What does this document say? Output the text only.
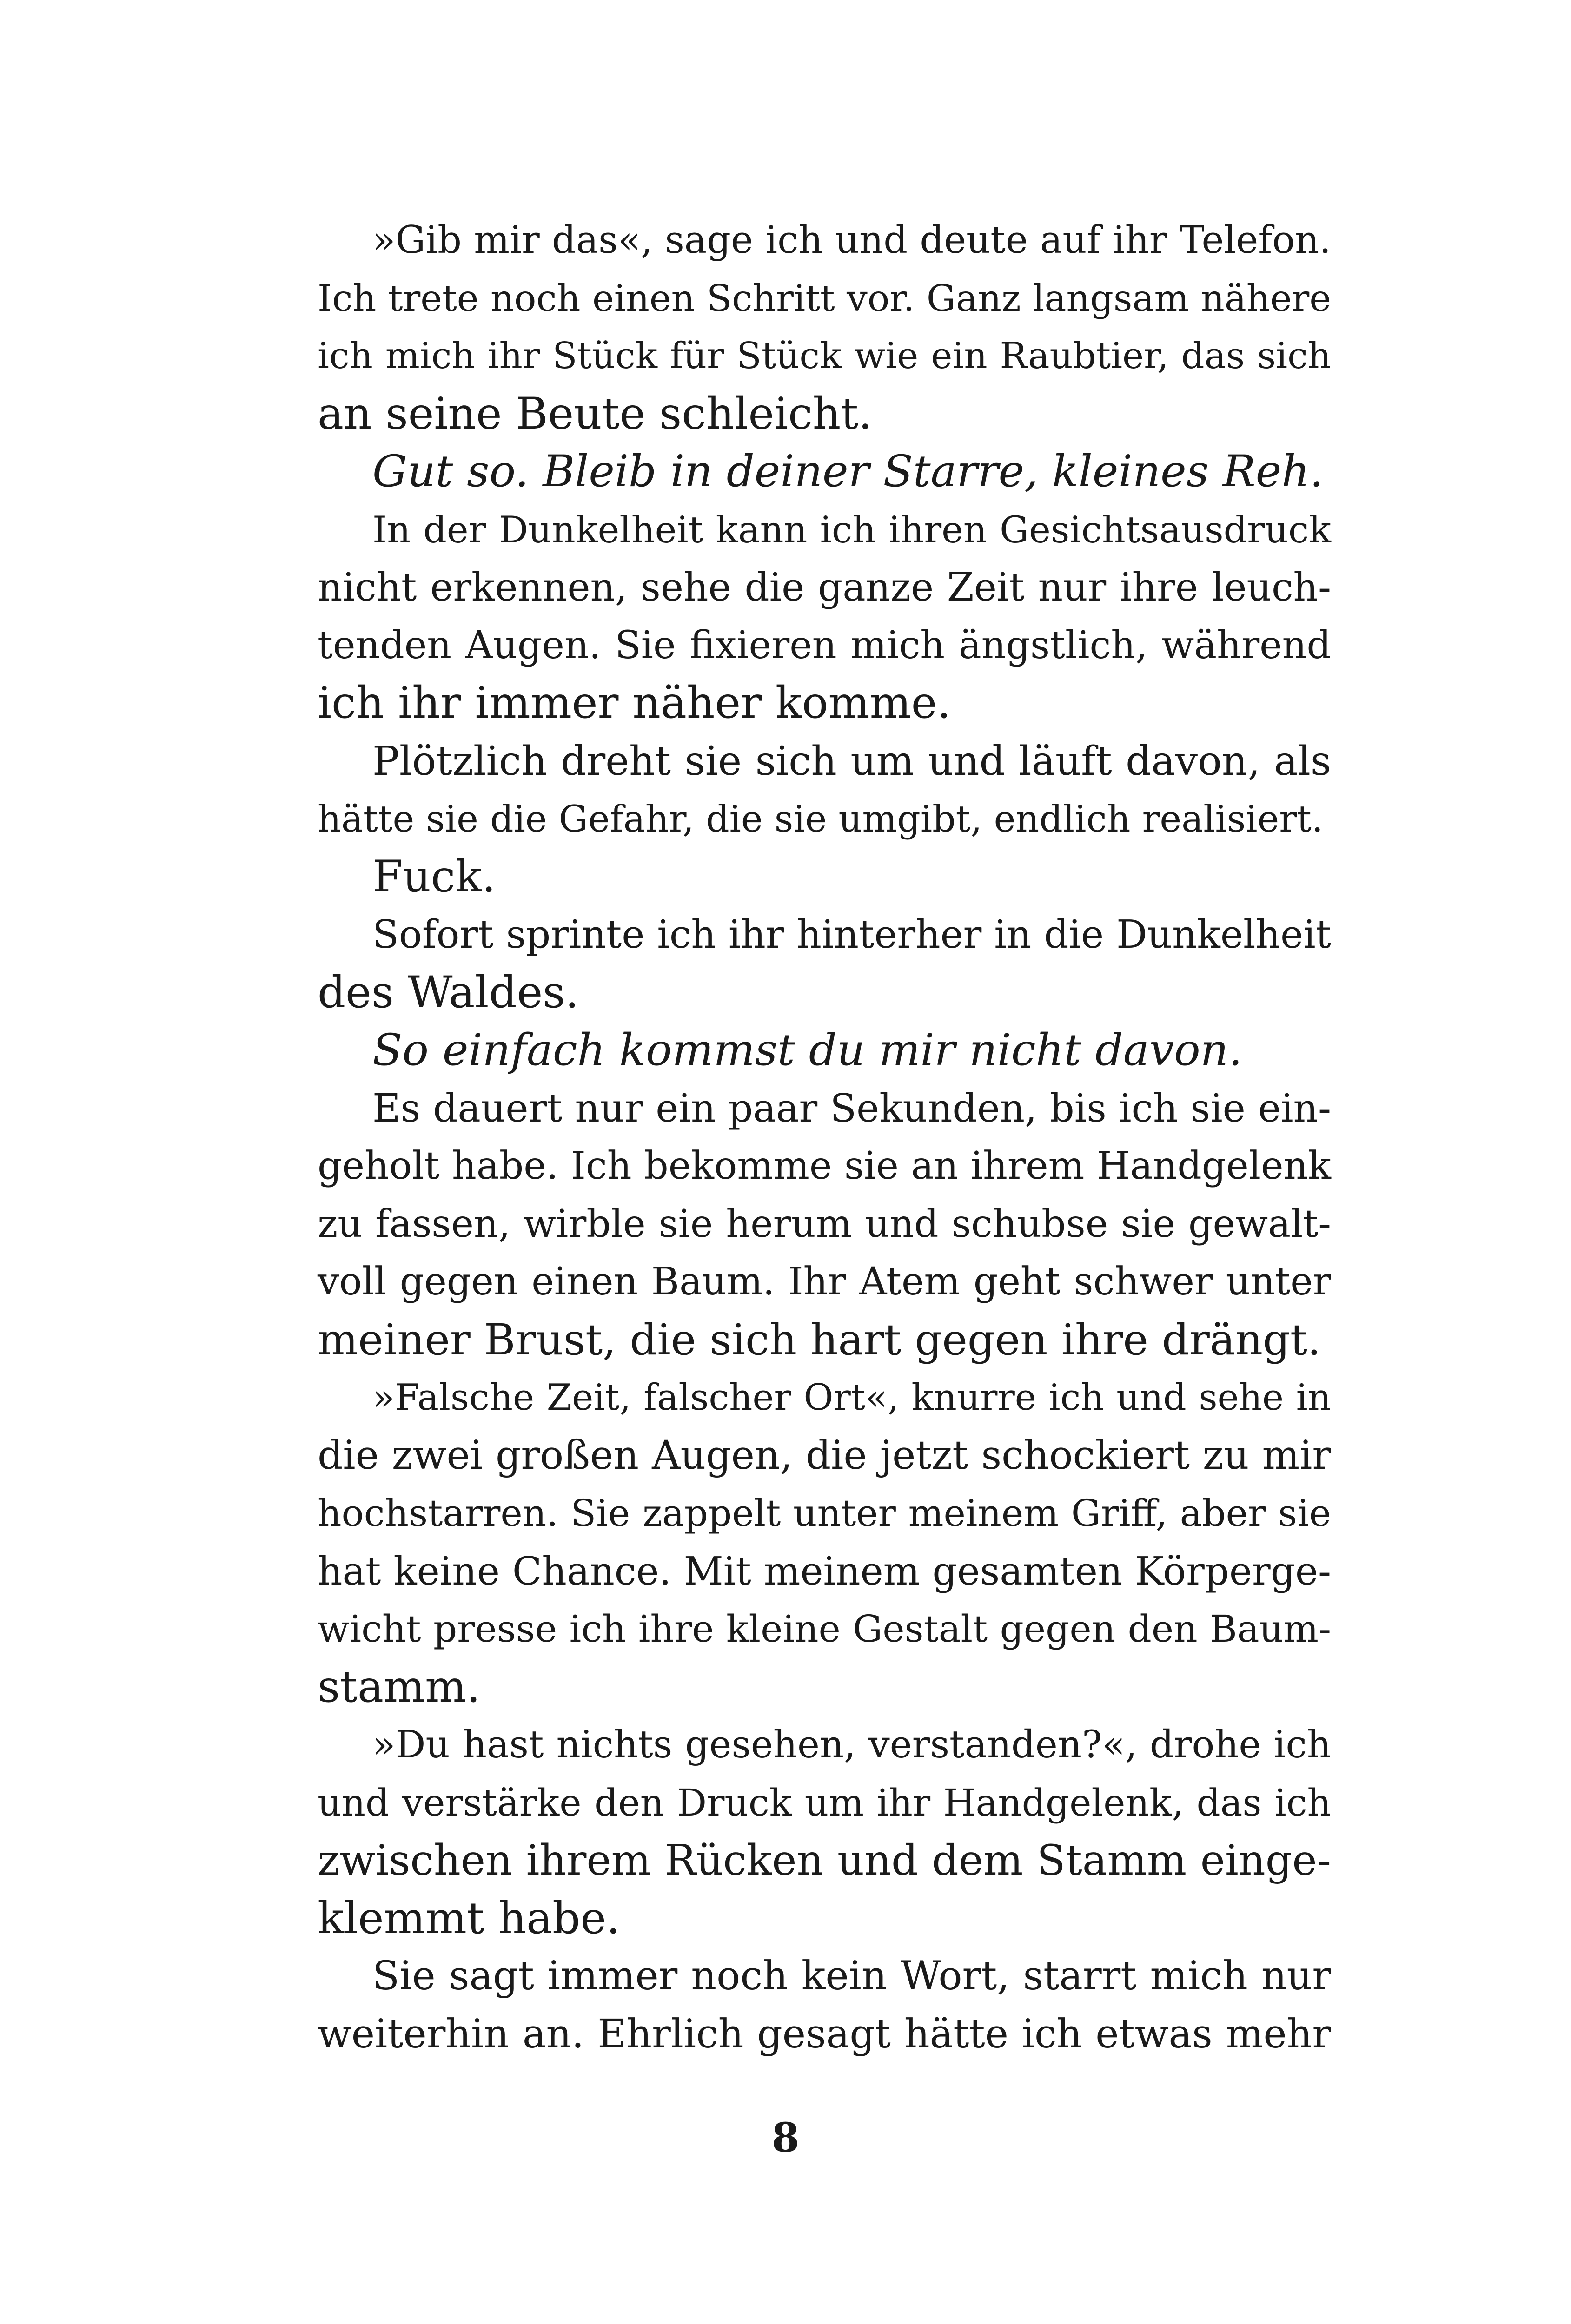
»Gib mir das«, sage ich und deute auf ihr Telefon.
Ich trete noch einen Schritt vor. Ganz langsam nähere
ich mich ihr Stück für Stück wie ein Raubtier, das sich
an seine Beute schleicht.
Gut so. Bleib in deiner Starre, kleines Reh.
In der Dunkelheit kann ich ihren Gesichtsausdruck
nicht erkennen, sehe die ganze Zeit nur ihre leuch-
tenden Augen. Sie fixieren mich ängstlich, während
ich ihr immer näher komme.
Plötzlich dreht sie sich um und läuft davon, als
hätte sie die Gefahr, die sie umgibt, endlich realisiert.
Fuck.
Sofort sprinte ich ihr hinterher in die Dunkelheit
des Waldes.
So einfach kommst du mir nicht davon.
Es dauert nur ein paar Sekunden, bis ich sie ein-
geholt habe. Ich bekomme sie an ihrem Handgelenk
zu fassen, wirble sie herum und schubse sie gewalt-
voll gegen einen Baum. Ihr Atem geht schwer unter
meiner Brust, die sich hart gegen ihre drängt.
»Falsche Zeit, falscher Ort«, knurre ich und sehe in
die zwei großen Augen, die jetzt schockiert zu mir
hochstarren. Sie zappelt unter meinem Griff, aber sie
hat keine Chance. Mit meinem gesamten Körperge-
wicht presse ich ihre kleine Gestalt gegen den Baum-
stamm.
»Du hast nichts gesehen, verstanden?«, drohe ich
und verstärke den Druck um ihr Handgelenk, das ich
zwischen ihrem Rücken und dem Stamm einge-
klemmt habe.
Sie sagt immer noch kein Wort, starrt mich nur
weiterhin an. Ehrlich gesagt hätte ich etwas mehr
8
